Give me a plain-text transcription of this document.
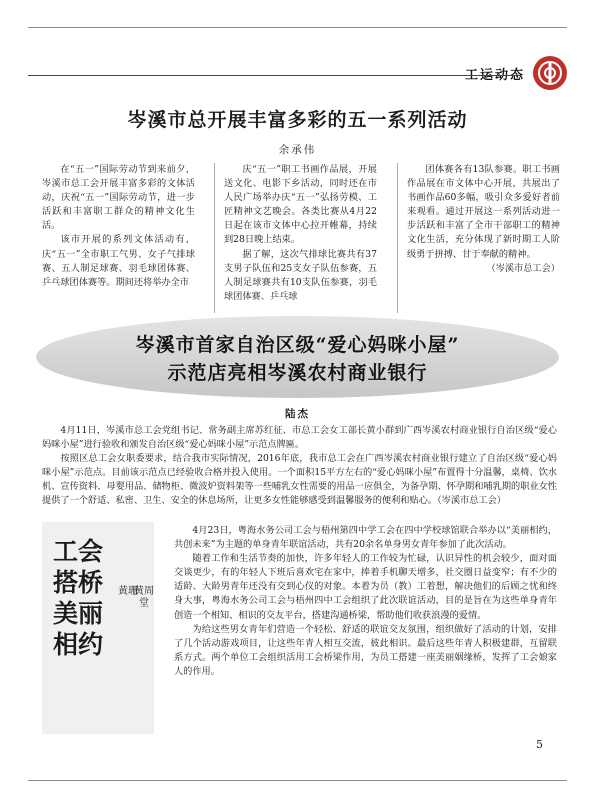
工运动态
岑溪市总开展丰富多彩的五一系列活动
余承伟

在“五一”国际劳动节到来前夕，岑溪市总工会开展丰富多彩的文体活动，庆祝“五一”国际劳动节，进一步活跃和丰富职工群众的精神文化生活。

该市开展的系列文体活动有，庆“五一”全市职工气男、女子气排球赛、五人制足球赛、羽毛球团体赛、乒乓球团体赛等。期间还将举办全市

庆“五一”职工书画作品展，开展送文化、电影下乡活动，同时还在市人民广场举办庆“五一”弘扬劳模、工匠精神文艺晚会。各类比赛从4月22日起在该市文体中心拉开帷幕，持续到28日晚上结束。

据了解，这次气排球比赛共有37支男子队伍和25支女子队伍参赛，五人制足球赛共有10支队伍参赛，羽毛球团体赛、乒乓球

团体赛各有13队参赛。职工书画作品展在市文体中心开展，共展出了书画作品60多幅，吸引众多爱好者前来观看。通过开展这一系列活动进一步活跃和丰富了全市干部职工的精神文化生活，充分体现了新时期工人阶级勇于拼搏、甘于奉献的精神。

（岑溪市总工会）
岑溪市首家自治区级“爱心妈咪小屋”
示范店亮相岑溪农村商业银行
陆杰

4月11日，岑溪市总工会党组书记、常务副主席苏红征、市总工会女工部长黄小群到广西岑溪农村商业银行自治区级“爱心妈咪小屋”进行验收和颁发自治区级“爱心妈咪小屋”示范点牌匾。

按照区总工会女职委要求，结合我市实际情况，2016年底，我市总工会在广西岑溪农村商业银行建立了自治区级“爱心妈咪小屋”示范点。目前该示范点已经验收合格并投入使用。一个面积15平方左右的“爱心妈咪小屋”布置得十分温馨，桌椅、饮水机、宣传资料、母婴用品、储物柜、微波炉资料架等一些哺乳女性需要的用品一应俱全，为备孕期、怀孕期和哺乳期的职业女性提供了一个舒适、私密、卫生、安全的休息场所，让更多女性能够感受到温馨服务的便利和贴心。（岑溪市总工会）

工会搭桥美丽相约
黄珊
黄周堂

4月23日，粤海水务公司工会与梧州第四中学工会在四中学校球馆联合举办以“美丽相约，共创未来”为主题的单身青年联谊活动，共有20余名单身男女青年参加了此次活动。

随着工作和生活节奏的加快，许多年轻人的工作较为忙碌，认识异性的机会较少，面对面交谈更少，有的年轻人下班后喜欢宅在家中，捧着手机聊天增多，社交圈日益变窄；有不少的适龄、大龄男青年还没有交到心仪的对象。本着为员（教）工着想，解决他们的后顾之忧和终身大事，粤海水务公司工会与梧州四中工会组织了此次联谊活动，目的是旨在为这些单身青年创造一个相知、相识的交友平台，搭建沟通桥梁，帮助他们收获浪漫的爱情。

为给这些男女青年们营造一个轻松、舒适的联谊交友氛围，组织做好了活动的计划，安排了几个活动游戏项目，让这些年青人相互交流，彼此相识。最后这些年青人积极建群，互留联系方式。两个单位工会组织活用工会桥梁作用，为员工搭建一座美丽姻缘桥，发挥了工会娘家人的作用。

5
